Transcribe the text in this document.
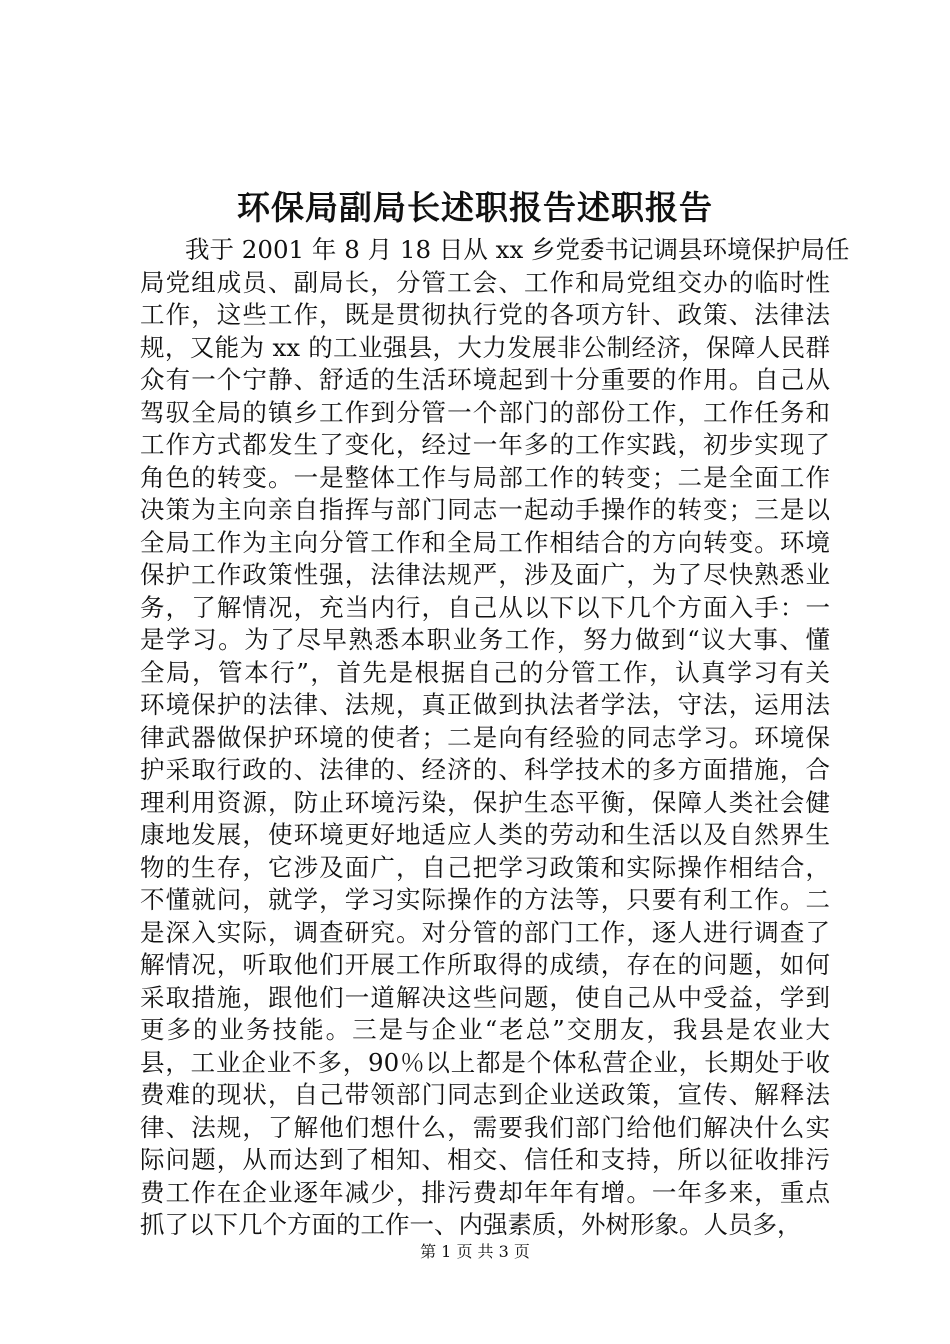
环保局副局长述职报告述职报告
我于 2001 年 8 月 18 日从 xx 乡党委书记调县环境保护局任
局党组成员、副局长，分管工会、工作和局党组交办的临时性
工作，这些工作，既是贯彻执行党的各项方针、政策、法律法
规，又能为 xx 的工业强县，大力发展非公制经济，保障人民群
众有一个宁静、舒适的生活环境起到十分重要的作用。自己从
驾驭全局的镇乡工作到分管一个部门的部份工作，工作任务和
工作方式都发生了变化，经过一年多的工作实践，初步实现了
角色的转变。一是整体工作与局部工作的转变；二是全面工作
决策为主向亲自指挥与部门同志一起动手操作的转变；三是以
全局工作为主向分管工作和全局工作相结合的方向转变。环境
保护工作政策性强，法律法规严，涉及面广，为了尽快熟悉业
务，了解情况，充当内行，自己从以下以下几个方面入手：一
是学习。为了尽早熟悉本职业务工作，努力做到“议大事、懂
全局，管本行”，首先是根据自己的分管工作，认真学习有关
环境保护的法律、法规，真正做到执法者学法，守法，运用法
律武器做保护环境的使者；二是向有经验的同志学习。环境保
护采取行政的、法律的、经济的、科学技术的多方面措施，合
理利用资源，防止环境污染，保护生态平衡，保障人类社会健
康地发展，使环境更好地适应人类的劳动和生活以及自然界生
物的生存，它涉及面广，自己把学习政策和实际操作相结合，
不懂就问，就学，学习实际操作的方法等，只要有利工作。二
是深入实际，调查研究。对分管的部门工作，逐人进行调查了
解情况，听取他们开展工作所取得的成绩，存在的问题，如何
采取措施，跟他们一道解决这些问题，使自己从中受益，学到
更多的业务技能。三是与企业“老总”交朋友，我县是农业大
县，工业企业不多，90％以上都是个体私营企业，长期处于收
费难的现状，自己带领部门同志到企业送政策，宣传、解释法
律、法规，了解他们想什么，需要我们部门给他们解决什么实
际问题，从而达到了相知、相交、信任和支持，所以征收排污
费工作在企业逐年减少，排污费却年年有增。一年多来，重点
抓了以下几个方面的工作一、内强素质，外树形象。人员多，
第 1 页 共 3 页
